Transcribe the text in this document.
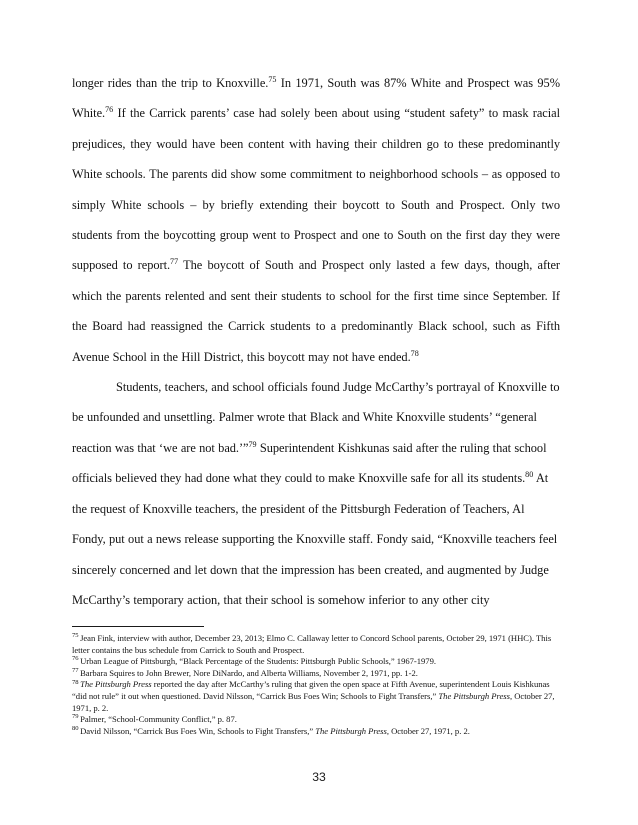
longer rides than the trip to Knoxville.$^{75}$ In 1971, South was 87% White and Prospect was 95% White.$^{76}$ If the Carrick parents’ case had solely been about using “student safety” to mask racial prejudices, they would have been content with having their children go to these predominantly White schools. The parents did show some commitment to neighborhood schools – as opposed to simply White schools – by briefly extending their boycott to South and Prospect. Only two students from the boycotting group went to Prospect and one to South on the first day they were supposed to report.$^{77}$ The boycott of South and Prospect only lasted a few days, though, after which the parents relented and sent their students to school for the first time since September. If the Board had reassigned the Carrick students to a predominantly Black school, such as Fifth Avenue School in the Hill District, this boycott may not have ended.$^{78}$

Students, teachers, and school officials found Judge McCarthy’s portrayal of Knoxville to be unfounded and unsettling. Palmer wrote that Black and White Knoxville students’ “general reaction was that ‘we are not bad.’”$^{79}$ Superintendent Kishkunas said after the ruling that school officials believed they had done what they could to make Knoxville safe for all its students.$^{80}$ At the request of Knoxville teachers, the president of the Pittsburgh Federation of Teachers, Al Fondy, put out a news release supporting the Knoxville staff. Fondy said, “Knoxville teachers feel sincerely concerned and let down that the impression has been created, and augmented by Judge McCarthy’s temporary action, that their school is somehow inferior to any other city

$^{75}$ Jean Fink, interview with author, December 23, 2013; Elmo C. Callaway letter to Concord School parents, October 29, 1971 (HHC). This letter contains the bus schedule from Carrick to South and Prospect.

$^{76}$ Urban League of Pittsburgh, “Black Percentage of the Students: Pittsburgh Public Schools,” 1967-1979.

$^{77}$ Barbara Squires to John Brewer, Nore DiNardo, and Alberta Williams, November 2, 1971, pp. 1-2.

$^{78}$ The Pittsburgh Press reported the day after McCarthy’s ruling that given the open space at Fifth Avenue, superintendent Louis Kishkunas “did not rule” it out when questioned. David Nilsson, “Carrick Bus Foes Win; Schools to Fight Transfers,” The Pittsburgh Press, October 27, 1971, p. 2.

$^{79}$ Palmer, “School-Community Conflict,” p. 87.

$^{80}$ David Nilsson, “Carrick Bus Foes Win, Schools to Fight Transfers,” The Pittsburgh Press, October 27, 1971, p. 2.

33
